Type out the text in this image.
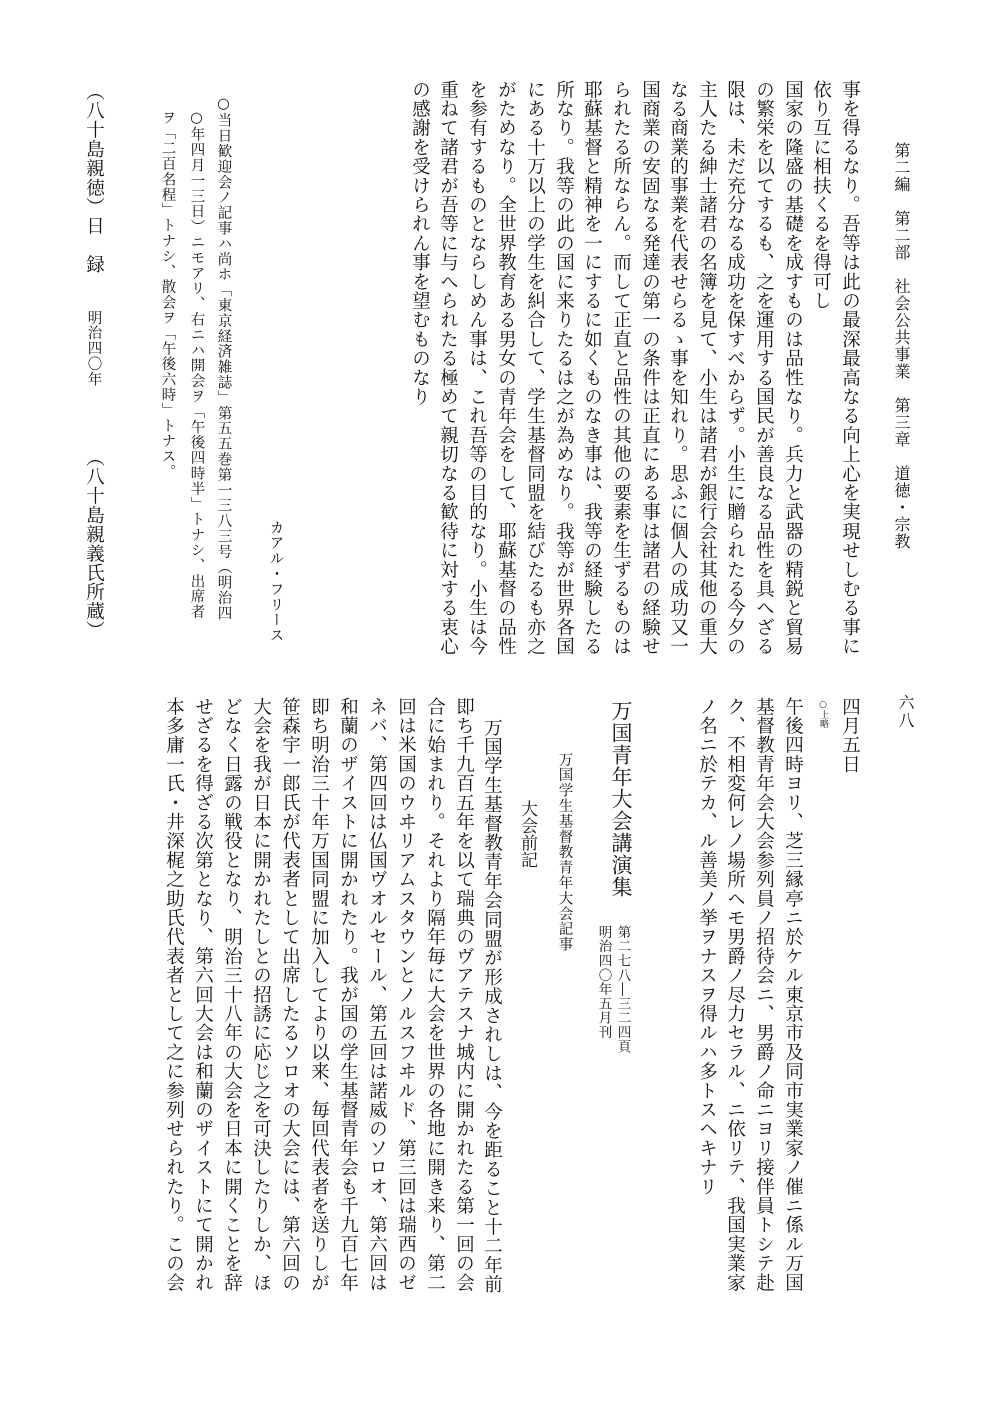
第二編　第二部　社会公共事業　第三章　道徳・宗教
事を得るなり。吾等は此の最深最高なる向上心を実現せしむる事に
依り互に相扶くるを得可し
国家の隆盛の基礎を成すものは品性なり。兵力と武器の精鋭と貿易
の繁栄を以てするも、之を運用する国民が善良なる品性を具へざる
限は、未だ充分なる成功を保すべからず。小生に贈られたる今夕の
主人たる紳士諸君の名簿を見て、小生は諸君が銀行会社其他の重大
なる商業的事業を代表せらるゝ事を知れり。思ふに個人の成功又一
国商業の安固なる発達の第一の条件は正直にある事は諸君の経験せ
られたる所ならん。而して正直と品性の其他の要素を生ずるものは
耶蘇基督と精神を一にするに如くものなき事は、我等の経験したる
所なり。我等の此の国に来りたるは之が為めなり。我等が世界各国
にある十万以上の学生を糾合して、学生基督同盟を結びたるも亦之
がためなり。全世界教育ある男女の青年会をして、耶蘇基督の品性
を参有するものとならしめん事は、これ吾等の目的なり。小生は今
重ねて諸君が吾等に与へられたる極めて親切なる歓待に対する衷心
の感謝を受けられん事を望むものなり
カアル・フリース
○当日歓迎会ノ記事ハ尚ホ「東京経済雑誌」第五五巻第一三八三号（明治四
○年四月一三日）ニモアリ、右ニハ開会ヲ「午後四時半」トナシ、出席者
ヲ「二百名程」トナシ、散会ヲ「午後六時」トナス。
（八十島親徳）日　録
明治四〇年
（八十島親義氏所蔵）
六八
四月五日
○上略
午後四時ヨリ、芝三縁亭ニ於ケル東京市及同市実業家ノ催ニ係ル万国
基督教青年会大会参列員ノ招待会ニ、男爵ノ命ニヨリ接伴員トシテ赴
ク、不相変何レノ場所ヘモ男爵ノ尽力セラル、ニ依リテ、我国実業家
ノ名ニ於テカ、ル善美ノ挙ヲナスヲ得ルハ多トスヘキナリ
万国青年大会講演集
第二七八―三二四頁
明治四〇年五月刊
万国学生基督教青年大会記事
大会前記
万国学生基督教青年会同盟が形成されしは、今を距ること十二年前
即ち千九百五年を以て瑞典のヴアテスナ城内に開かれたる第一回の会
合に始まれり。それより隔年毎に大会を世界の各地に開き来り、第二
回は米国のウヰリアムスタウンとノルスフヰルド、第三回は瑞西のゼ
ネバ、第四回は仏国ヴオルセール、第五回は諾威のソロオ、第六回は
和蘭のザイストに開かれたり。我が国の学生基督青年会も千九百七年
即ち明治三十年万国同盟に加入してより以来、毎回代表者を送りしが
笹森宇一郎氏が代表者として出席したるソロオの大会には、第六回の
大会を我が日本に開かれたしとの招誘に応じ之を可決したりしか、ほ
どなく日露の戦役となり、明治三十八年の大会を日本に開くことを辞
せざるを得ざる次第となり、第六回大会は和蘭のザイストにて開かれ
本多庸一氏・井深梶之助氏代表者として之に参列せられたり。この会
